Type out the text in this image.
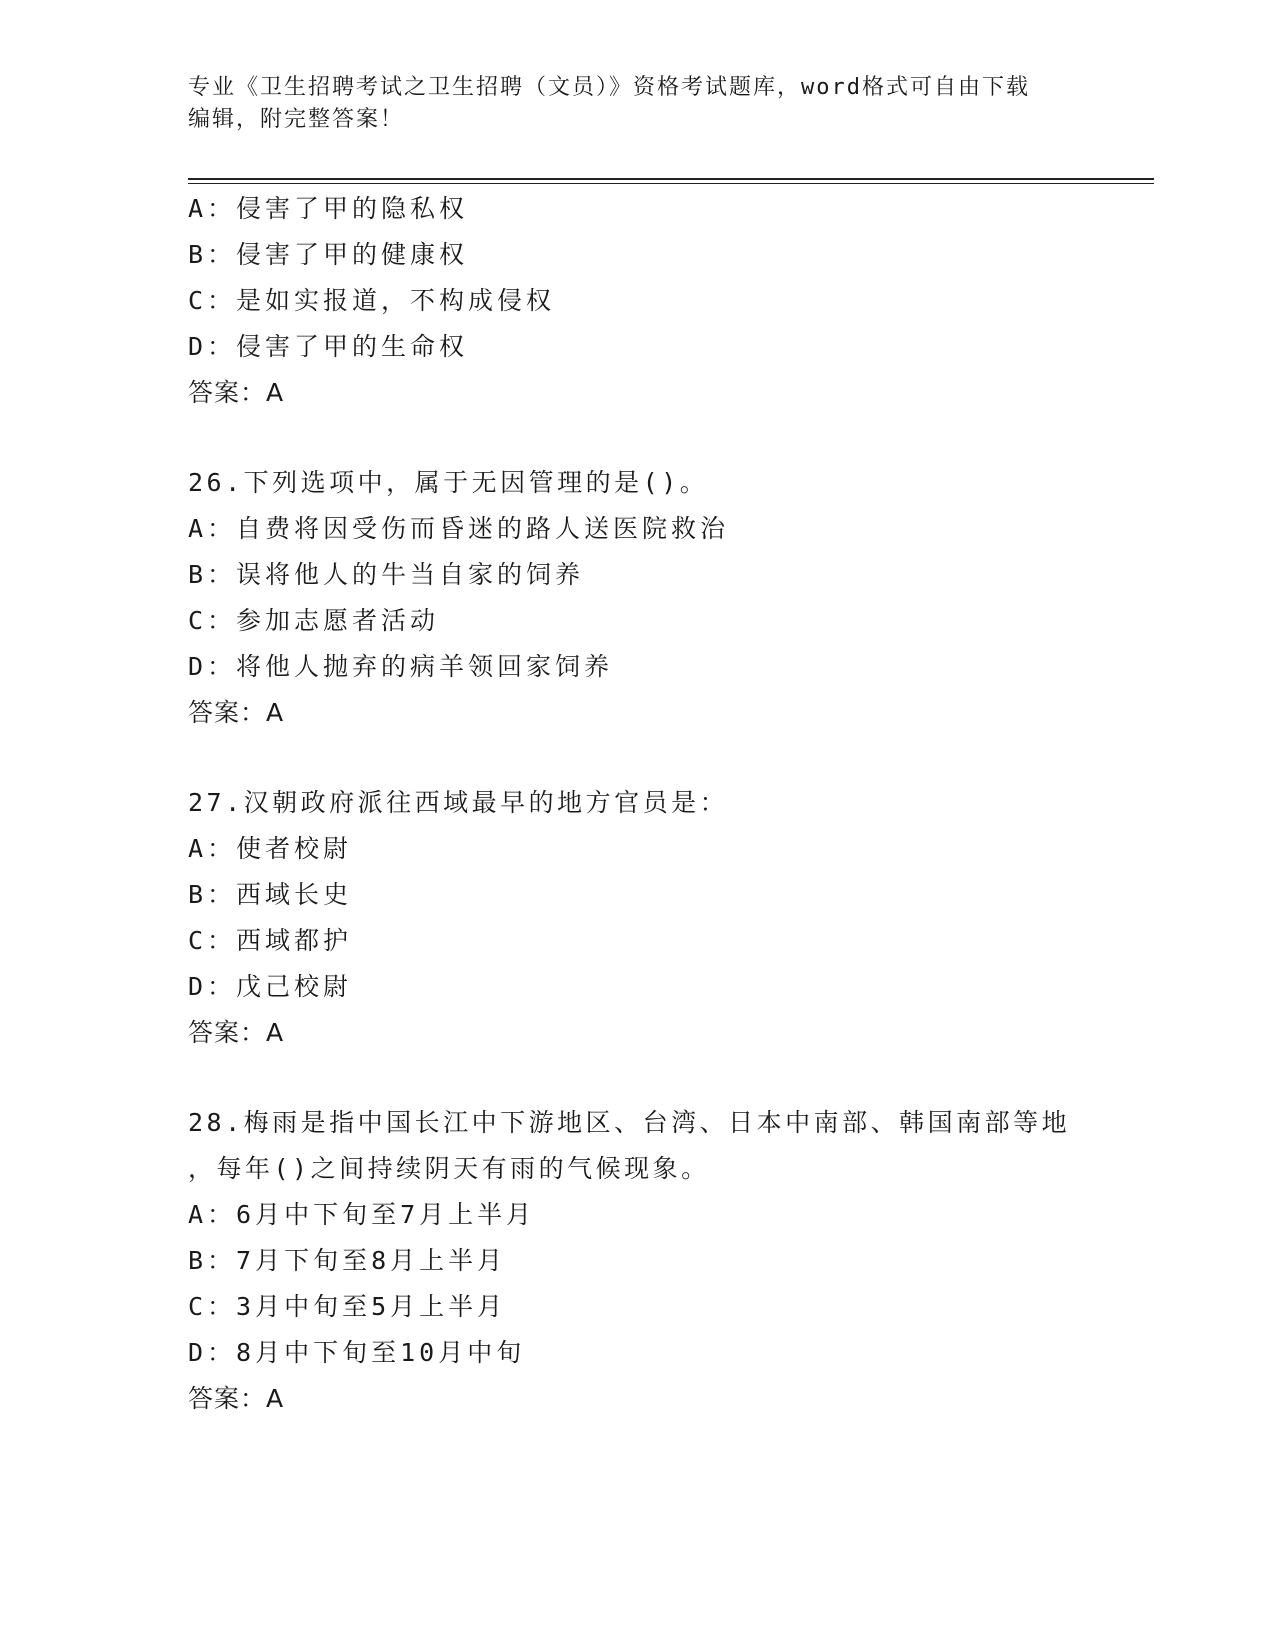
专业《卫生招聘考试之卫生招聘（文员）》资格考试题库，word格式可自由下载
编辑，附完整答案！
A：侵害了甲的隐私权
B：侵害了甲的健康权
C：是如实报道，不构成侵权
D：侵害了甲的生命权
答案：A
26.下列选项中，属于无因管理的是()。
A：自费将因受伤而昏迷的路人送医院救治
B：误将他人的牛当自家的饲养
C：参加志愿者活动
D：将他人抛弃的病羊领回家饲养
答案：A
27.汉朝政府派往西域最早的地方官员是：
A：使者校尉
B：西域长史
C：西域都护
D：戊己校尉
答案：A
28.梅雨是指中国长江中下游地区、台湾、日本中南部、韩国南部等地
，每年()之间持续阴天有雨的气候现象。
A：6月中下旬至7月上半月
B：7月下旬至8月上半月
C：3月中旬至5月上半月
D：8月中下旬至10月中旬
答案：A
